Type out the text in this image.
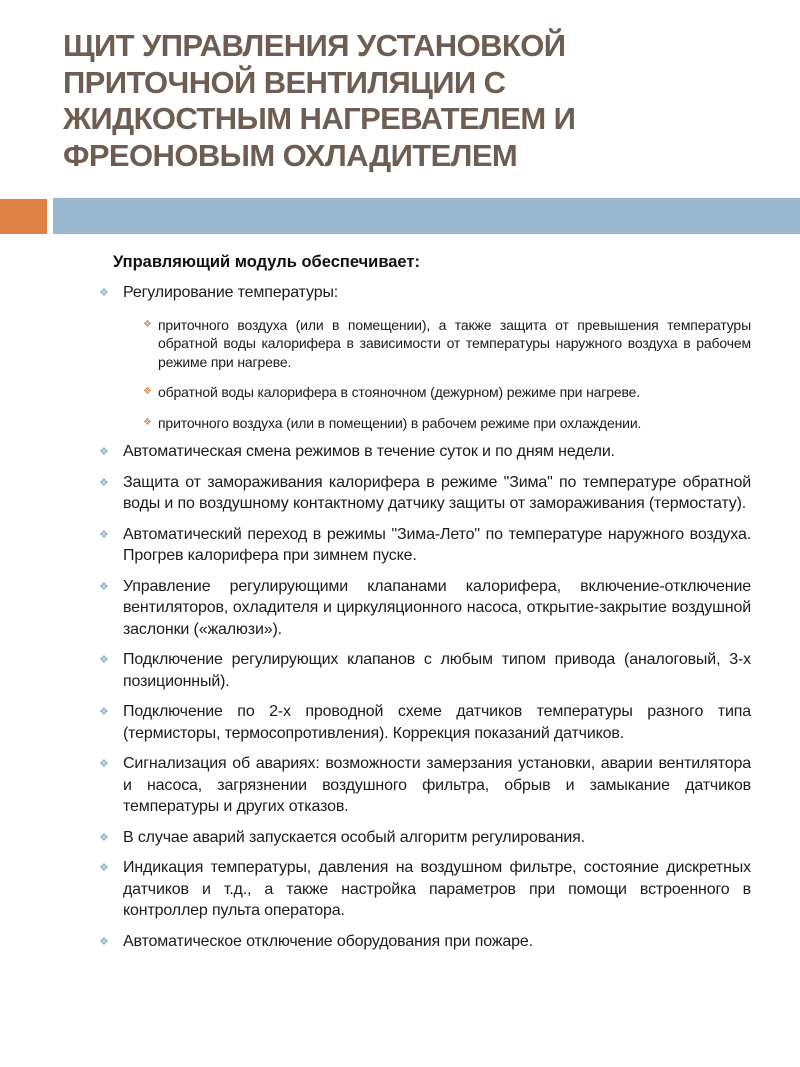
ЩИТ УПРАВЛЕНИЯ УСТАНОВКОЙ ПРИТОЧНОЙ ВЕНТИЛЯЦИИ С ЖИДКОСТНЫМ НАГРЕВАТЕЛЕМ И ФРЕОНОВЫМ ОХЛАДИТЕЛЕМ

Управляющий модуль обеспечивает:

❖ Регулирование температуры:
❖ приточного воздуха (или в помещении), а также защита от превышения температуры обратной воды калорифера в зависимости от температуры наружного воздуха в рабочем режиме при нагреве.
❖ обратной воды калорифера в стояночном (дежурном) режиме при нагреве.
❖ приточного воздуха (или в помещении) в рабочем режиме при охлаждении.
❖ Автоматическая смена режимов в течение суток и по дням недели.
❖ Защита от замораживания калорифера в режиме "Зима" по температуре обратной воды и по воздушному контактному датчику защиты от замораживания (термостату).
❖ Автоматический переход в режимы "Зима-Лето" по температуре наружного воздуха. Прогрев калорифера при зимнем пуске.
❖ Управление регулирующими клапанами калорифера, включение-отключение вентиляторов, охладителя и циркуляционного насоса, открытие-закрытие воздушной заслонки («жалюзи»).
❖ Подключение регулирующих клапанов с любым типом привода (аналоговый, 3-х позиционный).
❖ Подключение по 2-х проводной схеме датчиков температуры разного типа (термисторы, термосопротивления). Коррекция показаний датчиков.
❖ Сигнализация об авариях: возможности замерзания установки, аварии вентилятора и насоса, загрязнении воздушного фильтра, обрыв и замыкание датчиков температуры и других отказов.
❖ В случае аварий запускается особый алгоритм регулирования.
❖ Индикация температуры, давления на воздушном фильтре, состояние дискретных датчиков и т.д., а также настройка параметров при помощи встроенного в контроллер пульта оператора.
❖ Автоматическое отключение оборудования при пожаре.
